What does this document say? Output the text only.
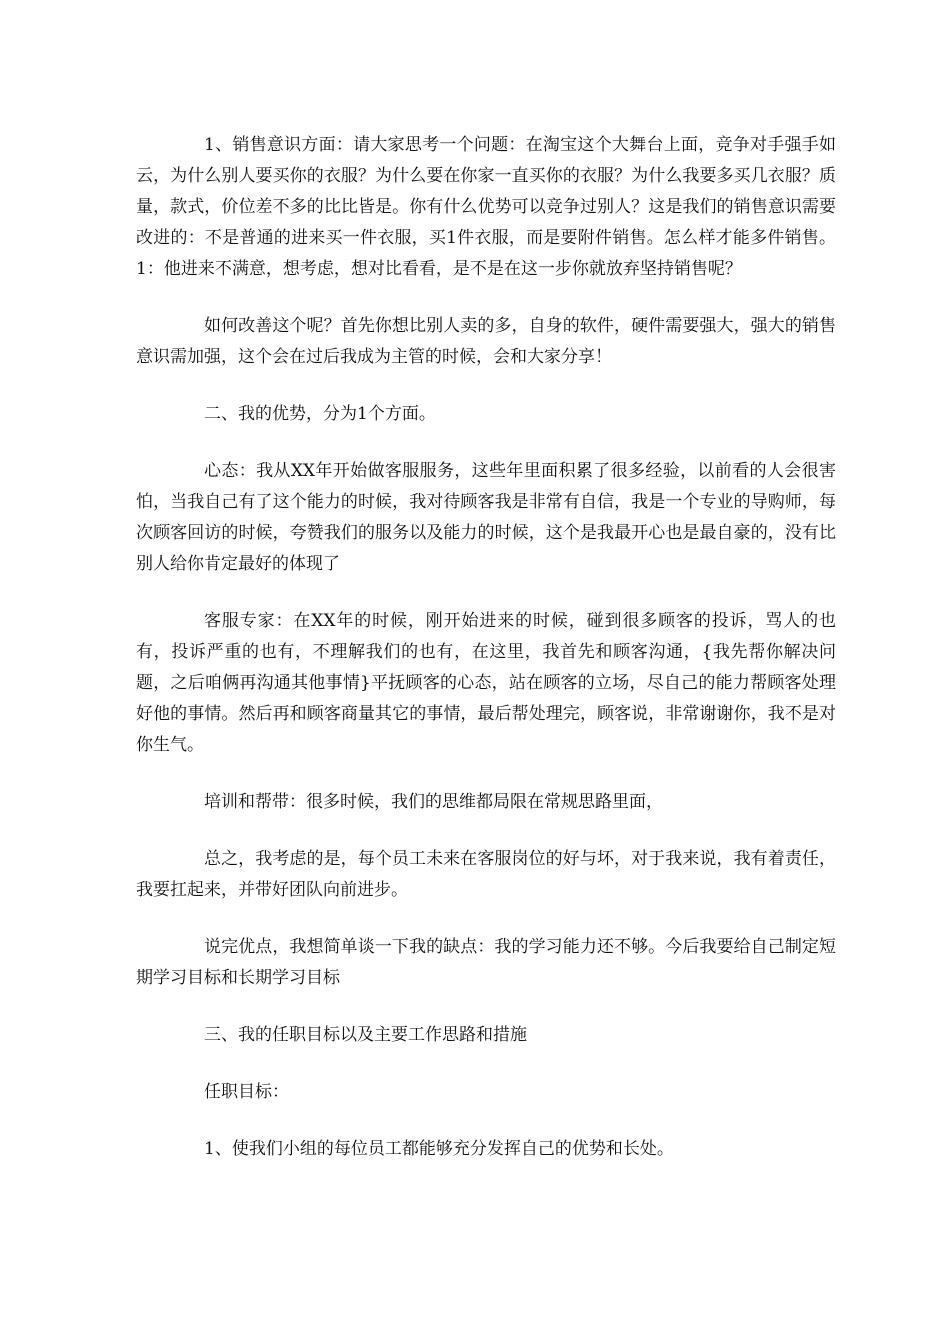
1、销售意识方面：请大家思考一个问题：在淘宝这个大舞台上面，竞争对手强手如云，为什么别人要买你的衣服？为什么要在你家一直买你的衣服？为什么我要多买几衣服？质量，款式，价位差不多的比比皆是。你有什么优势可以竞争过别人？这是我们的销售意识需要改进的：不是普通的进来买一件衣服，买1件衣服，而是要附件销售。怎么样才能多件销售。1：他进来不满意，想考虑，想对比看看，是不是在这一步你就放弃坚持销售呢？

如何改善这个呢？首先你想比别人卖的多，自身的软件，硬件需要强大，强大的销售意识需加强，这个会在过后我成为主管的时候，会和大家分享！

二、我的优势，分为1个方面。

心态：我从XX年开始做客服服务，这些年里面积累了很多经验，以前看的人会很害怕，当我自己有了这个能力的时候，我对待顾客我是非常有自信，我是一个专业的导购师，每次顾客回访的时候，夸赞我们的服务以及能力的时候，这个是我最开心也是最自豪的，没有比别人给你肯定最好的体现了

客服专家：在XX年的时候，刚开始进来的时候，碰到很多顾客的投诉，骂人的也有，投诉严重的也有，不理解我们的也有，在这里，我首先和顾客沟通，{我先帮你解决问题，之后咱俩再沟通其他事情}平抚顾客的心态，站在顾客的立场，尽自己的能力帮顾客处理好他的事情。然后再和顾客商量其它的事情，最后帮处理完，顾客说，非常谢谢你，我不是对你生气。

培训和帮带：很多时候，我们的思维都局限在常规思路里面，

总之，我考虑的是，每个员工未来在客服岗位的好与坏，对于我来说，我有着责任，我要扛起来，并带好团队向前进步。

说完优点，我想简单谈一下我的缺点：我的学习能力还不够。今后我要给自己制定短期学习目标和长期学习目标

三、我的任职目标以及主要工作思路和措施

任职目标：

1、使我们小组的每位员工都能够充分发挥自己的优势和长处。
